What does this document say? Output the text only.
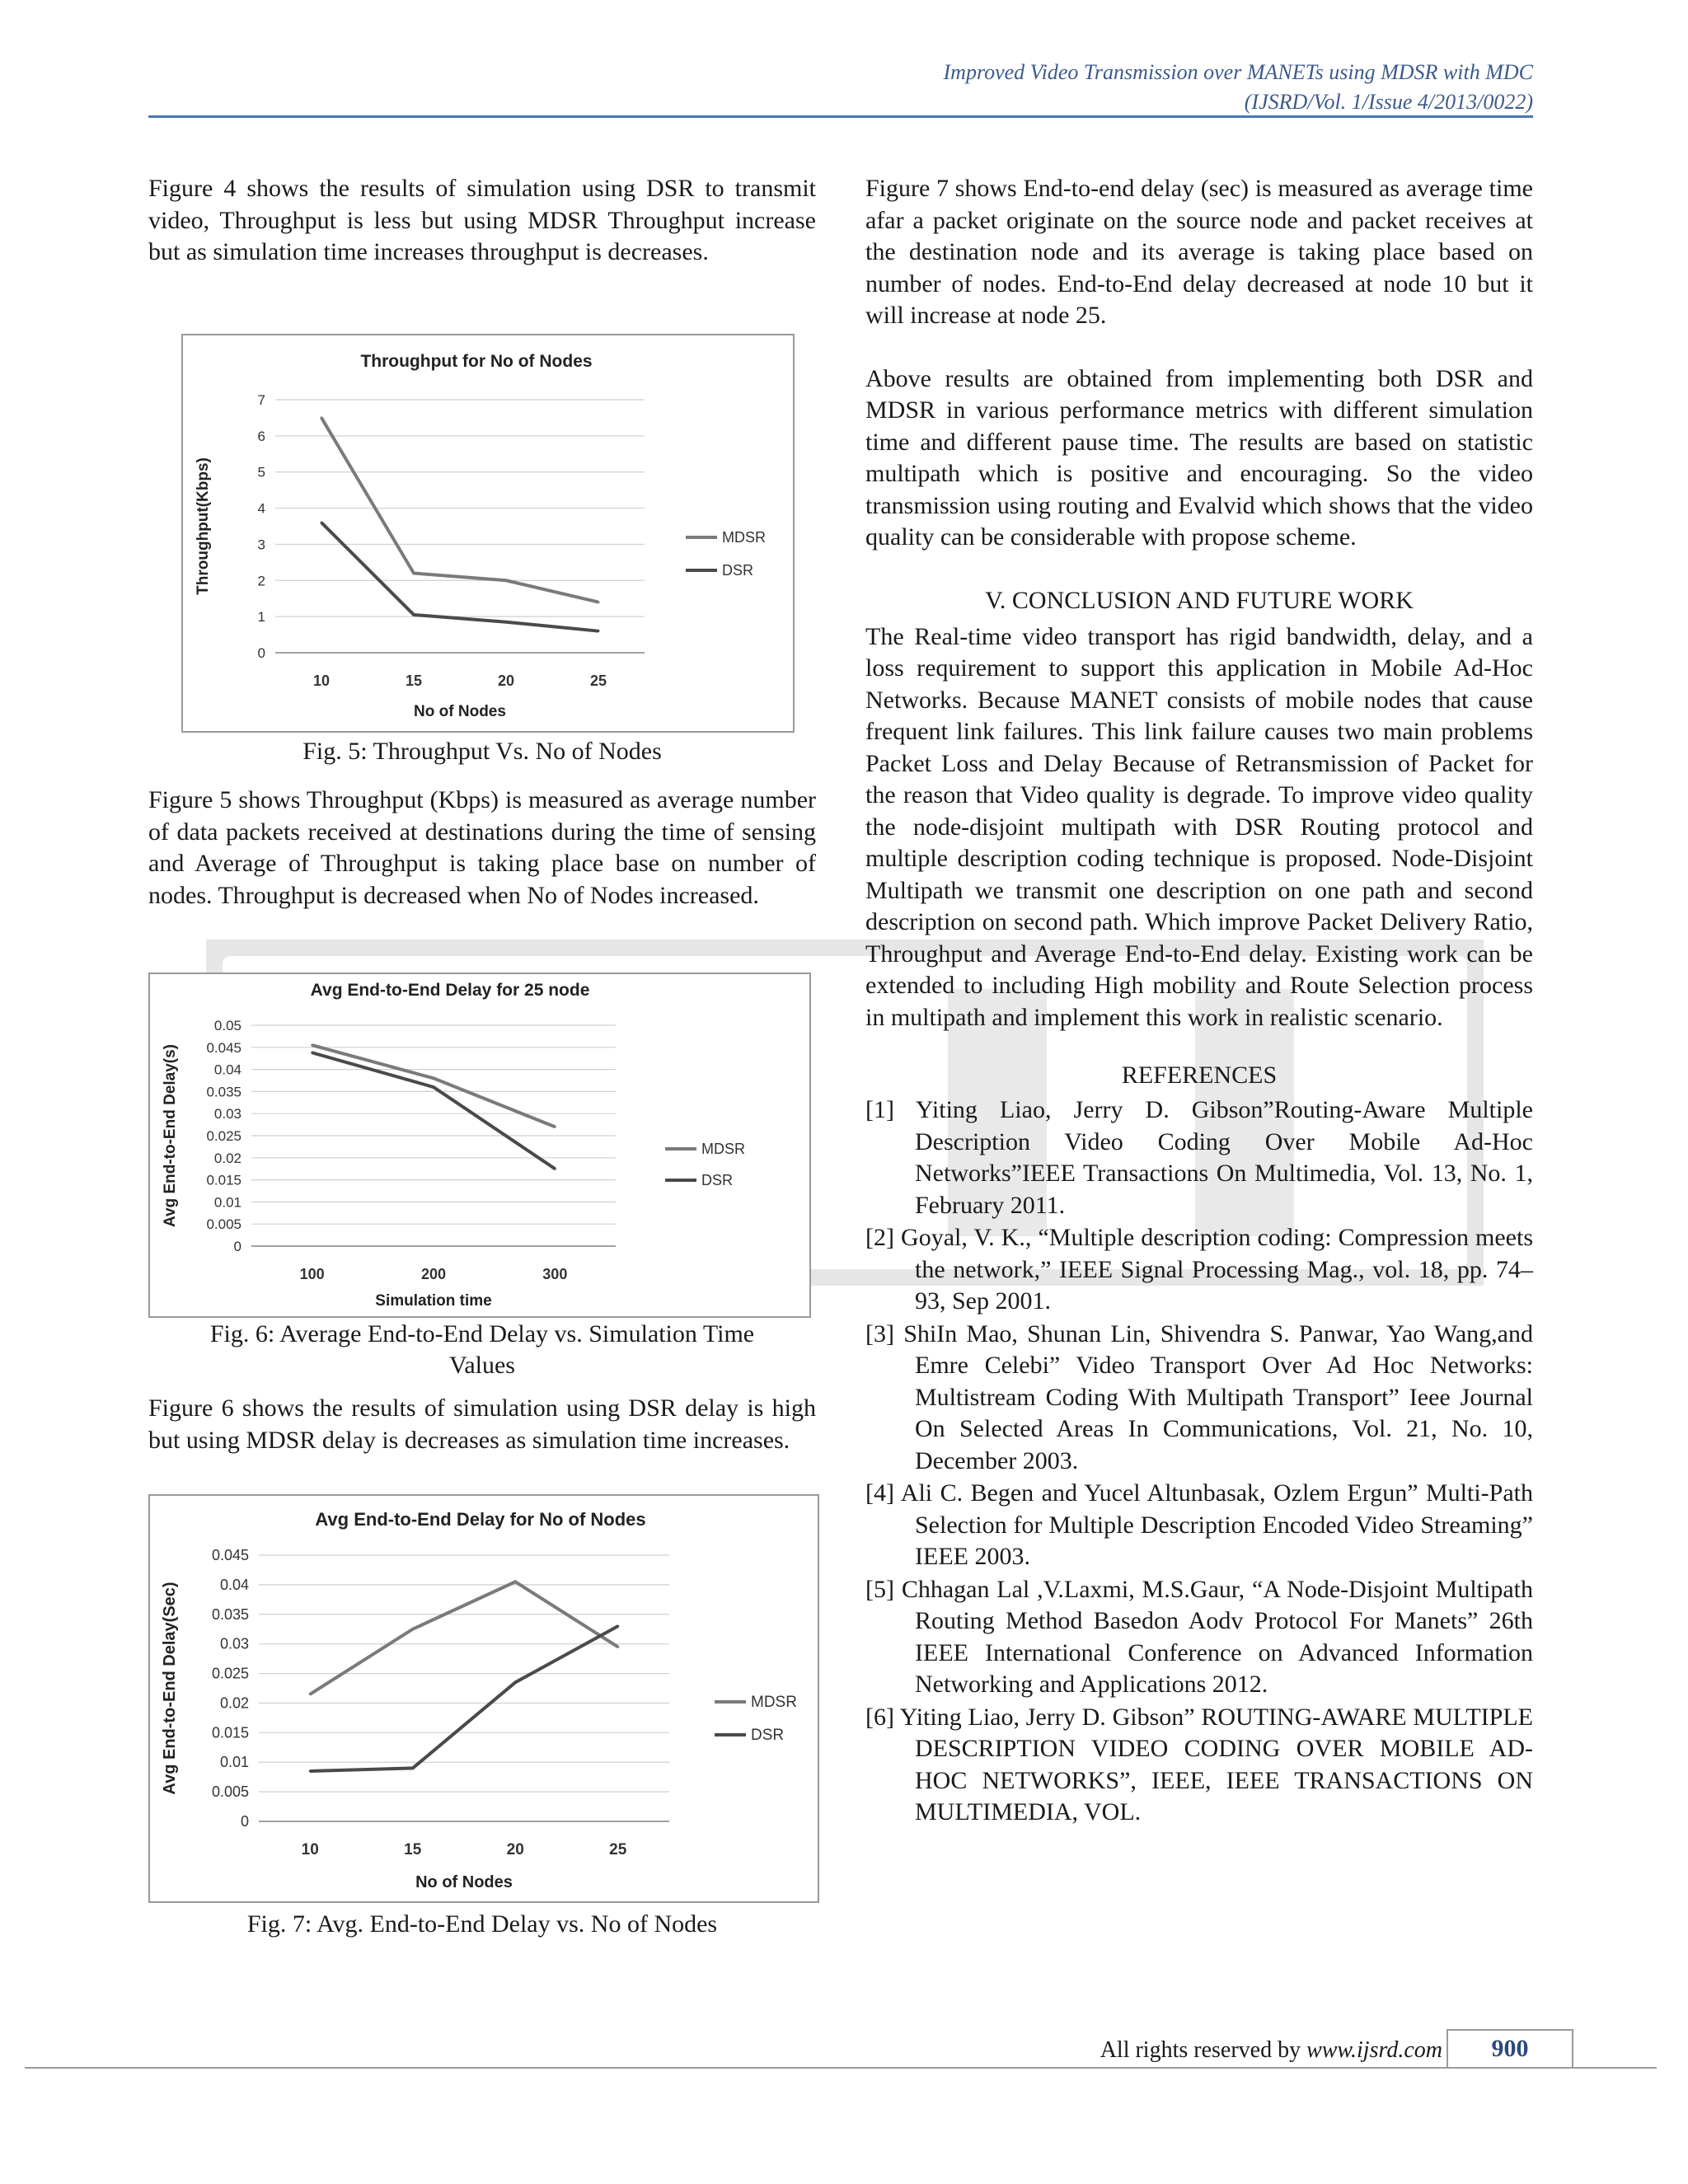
Improved Video Transmission over MANETs using MDSR with MDC
(IJSRD/Vol. 1/Issue 4/2013/0022)

Figure 4 shows the results of simulation using DSR to transmit video, Throughput is less but using MDSR Throughput increase but as simulation time increases throughput is decreases.

0
1
2
3
4
5
6
7
10	15	20	25
Throughput for No of Nodes
No of Nodes
Throughput(Kbps)	MDSR
DSR
Fig. 5: Throughput Vs. No of Nodes

Figure 5 shows Throughput (Kbps) is measured as average number of data packets received at destinations during the time of sensing and Average of Throughput is taking place base on number of nodes. Throughput is decreased when No of Nodes increased.

0
0.005
0.01
0.015
0.02
0.025
0.03
0.035
0.04
0.045
0.05
100	200	300
Avg End-to-End Delay for 25 node
Simulation time
Avg End-to-End Delay(s)	MDSR
DSR
Fig. 6: Average End-to-End Delay vs. Simulation Time
Values

Figure 6 shows the results of simulation using DSR delay is high but using MDSR delay is decreases as simulation time increases.

0
0.005
0.01
0.015
0.02
0.025
0.03
0.035
0.04
0.045
10	15	20	25
Avg End-to-End Delay for No of Nodes
No of Nodes
Avg End-to-End Delay(Sec)	MDSR
DSR
Fig. 7: Avg. End-to-End Delay vs. No of Nodes

Figure 7 shows End-to-end delay (sec) is measured as average time afar a packet originate on the source node and packet receives at the destination node and its average is taking place based on number of nodes. End-to-End delay decreased at node 10 but it will increase at node 25.

Above results are obtained from implementing both DSR and MDSR in various performance metrics with different simulation time and different pause time. The results are based on statistic multipath which is positive and encouraging. So the video transmission using routing and Evalvid which shows that the video quality can be considerable with propose scheme.

V. CONCLUSION AND FUTURE WORK

The Real-time video transport has rigid bandwidth, delay, and a loss requirement to support this application in Mobile Ad-Hoc Networks. Because MANET consists of mobile nodes that cause frequent link failures. This link failure causes two main problems Packet Loss and Delay Because of Retransmission of Packet for the reason that Video quality is degrade. To improve video quality the node-disjoint multipath with DSR Routing protocol and multiple description coding technique is proposed. Node-Disjoint Multipath we transmit one description on one path and second description on second path. Which improve Packet Delivery Ratio, Throughput and Average End-to-End delay. Existing work can be extended to including High mobility and Route Selection process in multipath and implement this work in realistic scenario.

REFERENCES
[1] Yiting Liao, Jerry D. Gibson”Routing-Aware Multiple Description Video Coding Over Mobile Ad-Hoc Networks”IEEE Transactions On Multimedia, Vol. 13, No. 1, February 2011.
[2] Goyal, V. K., “Multiple description coding: Compression meets the network,” IEEE Signal Processing Mag., vol. 18, pp. 74–93, Sep 2001.
[3] ShiIn Mao, Shunan Lin, Shivendra S. Panwar, Yao Wang,and Emre Celebi” Video Transport Over Ad Hoc Networks: Multistream Coding With Multipath Transport” Ieee Journal On Selected Areas In Communications, Vol. 21, No. 10, December 2003.
[4] Ali C. Begen and Yucel Altunbasak, Ozlem Ergun” Multi-Path Selection for Multiple Description Encoded Video Streaming” IEEE 2003.
[5] Chhagan Lal ,V.Laxmi, M.S.Gaur, “A Node-Disjoint Multipath Routing Method Basedon Aodv Protocol For Manets” 26th IEEE International Conference on Advanced Information Networking and Applications 2012.
[6] Yiting Liao, Jerry D. Gibson” ROUTING-AWARE MULTIPLE DESCRIPTION VIDEO CODING OVER MOBILE AD-HOC NETWORKS”, IEEE, IEEE TRANSACTIONS ON MULTIMEDIA, VOL.
All rights reserved by www.ijsrd.com	900
